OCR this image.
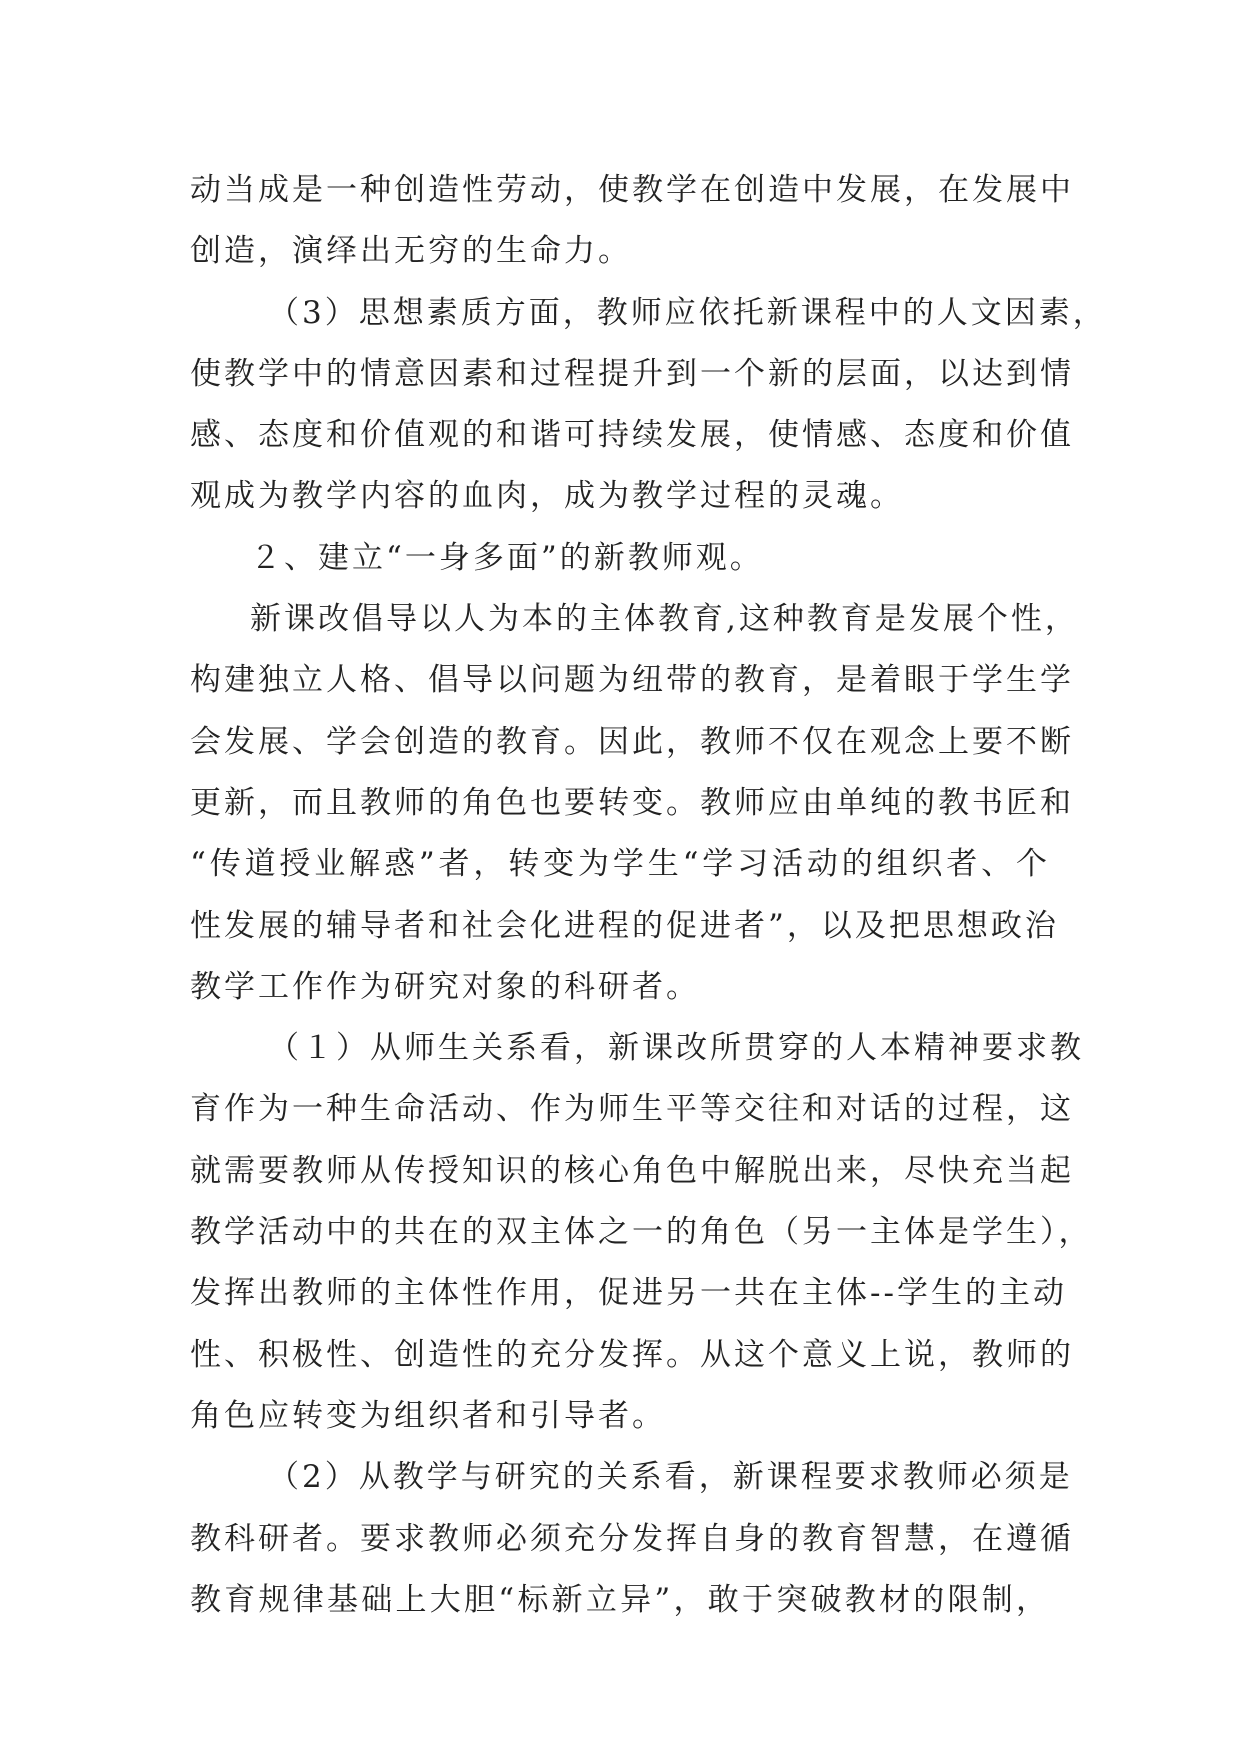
动当成是一种创造性劳动，使教学在创造中发展，在发展中
创造，演绎出无穷的生命力。
（3）思想素质方面，教师应依托新课程中的人文因素，
使教学中的情意因素和过程提升到一个新的层面，以达到情
感、态度和价值观的和谐可持续发展，使情感、态度和价值
观成为教学内容的血肉，成为教学过程的灵魂。
２、建立“一身多面”的新教师观。
新课改倡导以人为本的主体教育,这种教育是发展个性，
构建独立人格、倡导以问题为纽带的教育，是着眼于学生学
会发展、学会创造的教育。因此，教师不仅在观念上要不断
更新，而且教师的角色也要转变。教师应由单纯的教书匠和
“传道授业解惑”者，转变为学生“学习活动的组织者、个
性发展的辅导者和社会化进程的促进者”，以及把思想政治
教学工作作为研究对象的科研者。
（１）从师生关系看，新课改所贯穿的人本精神要求教
育作为一种生命活动、作为师生平等交往和对话的过程，这
就需要教师从传授知识的核心角色中解脱出来，尽快充当起
教学活动中的共在的双主体之一的角色（另一主体是学生），
发挥出教师的主体性作用，促进另一共在主体--学生的主动
性、积极性、创造性的充分发挥。从这个意义上说，教师的
角色应转变为组织者和引导者。
（2）从教学与研究的关系看，新课程要求教师必须是
教科研者。要求教师必须充分发挥自身的教育智慧，在遵循
教育规律基础上大胆“标新立异”，敢于突破教材的限制，
